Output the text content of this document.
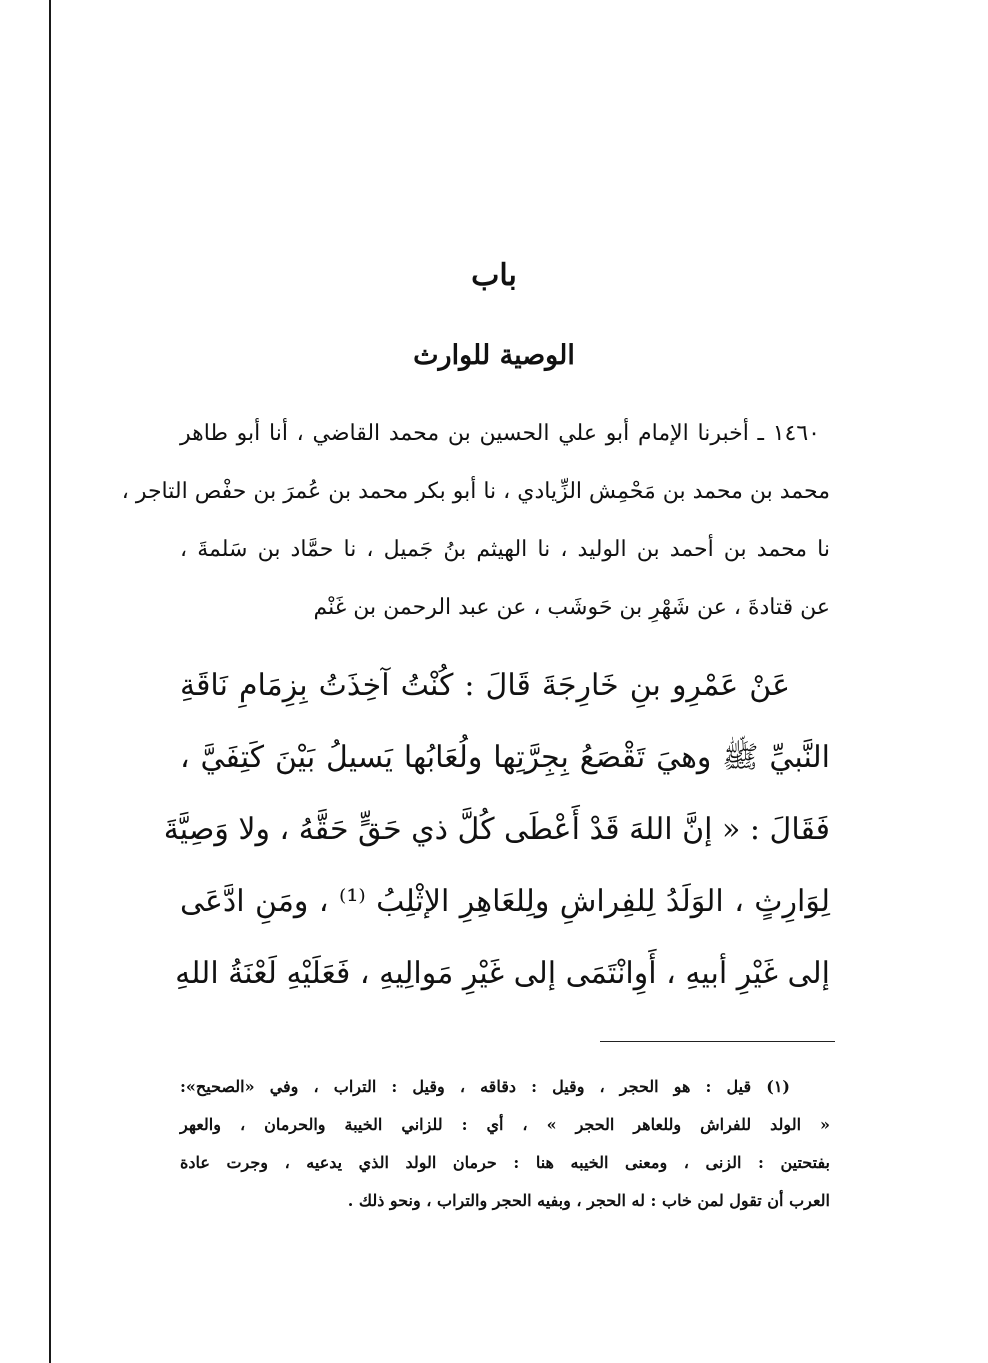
باب
الوصية للوارث
١٤٦٠ ـ أخبرنا الإمام أبو علي الحسين بن محمد القاضي ، أنا أبو طاهر
محمد بن محمد بن مَحْمِش الزِّيادي ، نا أبو بكر محمد بن عُمرَ بن حفْص التاجر ،
نا محمد بن أحمد بن الوليد ، نا الهيثم بنُ جَميل ، نا حمَّاد بن سَلمةَ ،
عن قتادةَ ، عن شَهْرِ بن حَوشَب ، عن عبد الرحمن بن غَنْم
عَنْ عَمْرِو بنِ خَارِجَةَ قَالَ : كُنْتُ آخِذَتُ بِزِمَامِ نَاقَةِ
النَّبيِّ ﷺ وهيَ تَقْصَعُ بِجِرَّتِها ولُعَابُها يَسيلُ بَيْنَ كَتِفَيَّ ،
فَقَالَ : « إنَّ اللهَ قَدْ أَعْطَى كُلَّ ذي حَقٍّ حَقَّهُ ، ولا وَصِيَّةَ
لِوَارِثٍ ، الوَلَدُ لِلفِراشِ ولِلعَاهِرِ الإثْلِبُ ⁽¹⁾ ، ومَنِ ادَّعَى
إلى غَيْرِ أبيهِ ، أَوِانْتَمَى إلى غَيْرِ مَوالِيهِ ، فَعَلَيْهِ لَعْنَةُ اللهِ
(١) قيل : هو الحجر ، وقيل : دقاقه ، وقيل : التراب ، وفي «الصحيح»:
« الولد للفراش وللعاهر الحجر » ، أي : للزاني الخيبة والحرمان ، والعهر
بفتحتين : الزنى ، ومعنى الخيبه هنا : حرمان الولد الذي يدعيه ، وجرت عادة
العرب أن تقول لمن خاب : له الحجر ، وبفيه الحجر والتراب ، ونحو ذلك .
